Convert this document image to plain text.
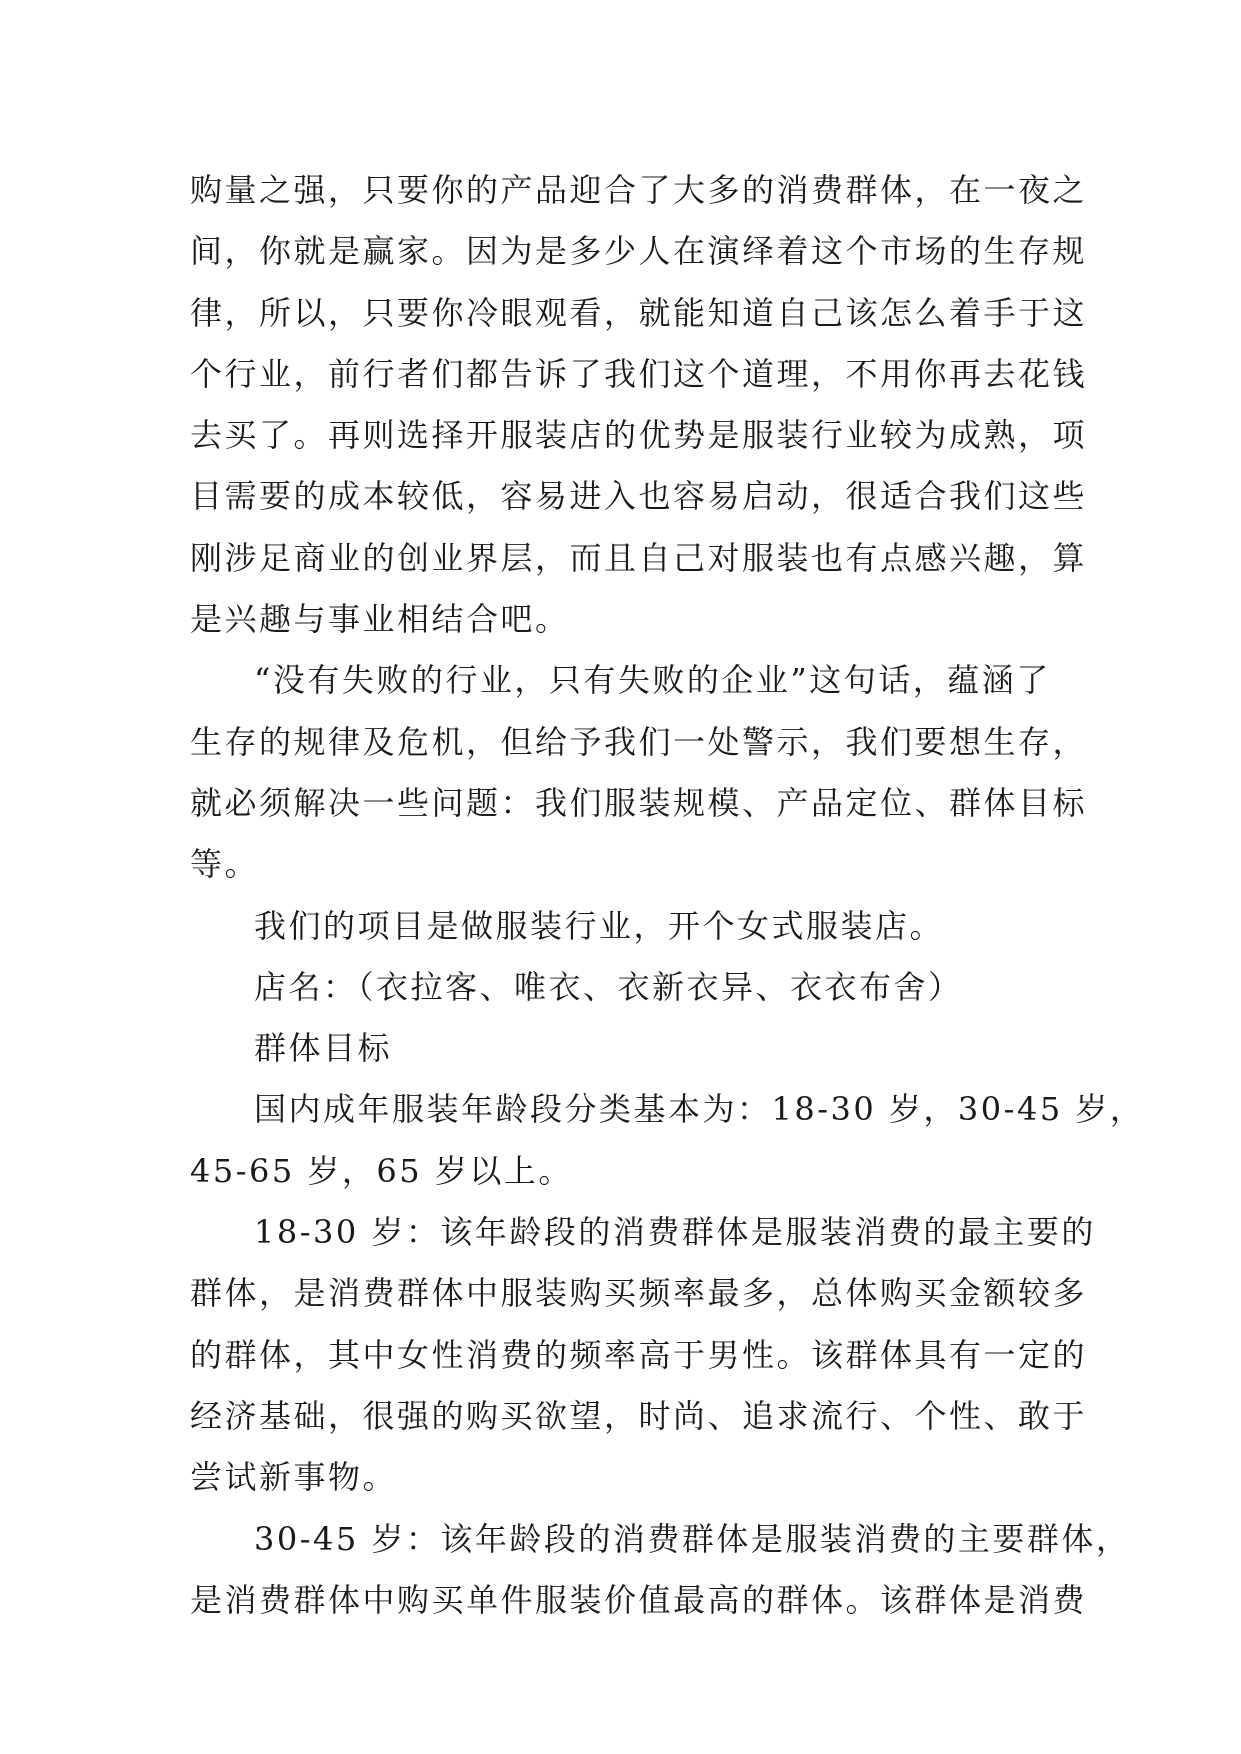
购量之强，只要你的产品迎合了大多的消费群体，在一夜之
间，你就是赢家。因为是多少人在演绎着这个市场的生存规
律，所以，只要你冷眼观看，就能知道自己该怎么着手于这
个行业，前行者们都告诉了我们这个道理，不用你再去花钱
去买了。再则选择开服装店的优势是服装行业较为成熟，项
目需要的成本较低，容易进入也容易启动，很适合我们这些
刚涉足商业的创业界层，而且自己对服装也有点感兴趣，算
是兴趣与事业相结合吧。
“没有失败的行业，只有失败的企业”这句话，蕴涵了
生存的规律及危机，但给予我们一处警示，我们要想生存，
就必须解决一些问题：我们服装规模、产品定位、群体目标
等。
我们的项目是做服装行业，开个女式服装店。
店名：（衣拉客、唯衣、衣新衣异、衣衣布舍）
群体目标
国内成年服装年龄段分类基本为：18-30 岁，30-45 岁，
45-65 岁，65 岁以上。
18-30 岁：该年龄段的消费群体是服装消费的最主要的
群体，是消费群体中服装购买频率最多，总体购买金额较多
的群体，其中女性消费的频率高于男性。该群体具有一定的
经济基础，很强的购买欲望，时尚、追求流行、个性、敢于
尝试新事物。
30-45 岁：该年龄段的消费群体是服装消费的主要群体，
是消费群体中购买单件服装价值最高的群体。该群体是消费
